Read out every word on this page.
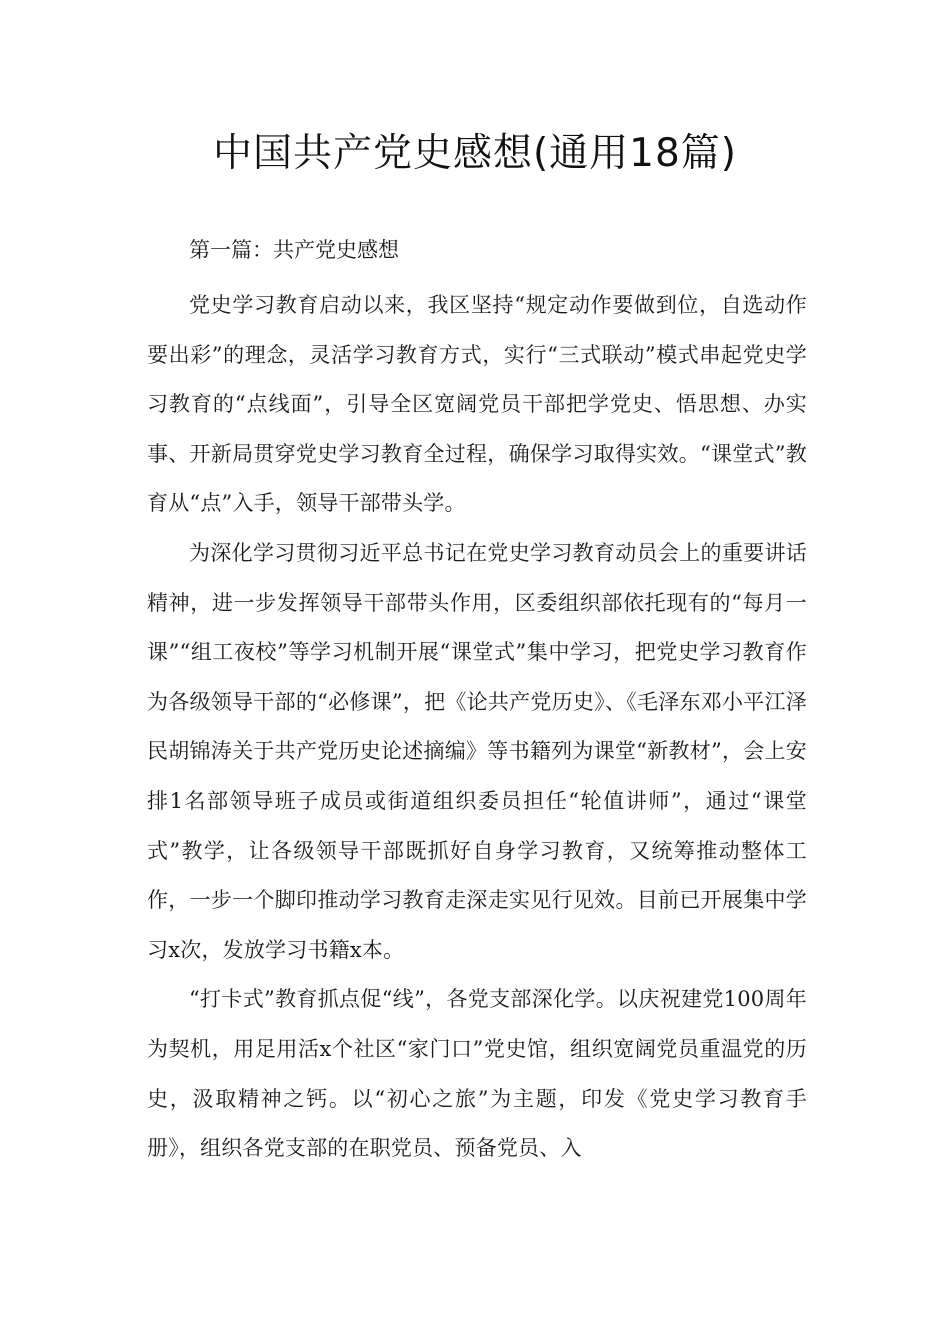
中国共产党史感想(通用18篇)
第一篇：共产党史感想

党史学习教育启动以来，我区坚持“规定动作要做到位，自选动作要出彩”的理念，灵活学习教育方式，实行“三式联动”模式串起党史学习教育的“点线面”，引导全区宽阔党员干部把学党史、悟思想、办实事、开新局贯穿党史学习教育全过程，确保学习取得实效。“课堂式”教育从“点”入手，领导干部带头学。

为深化学习贯彻习近平总书记在党史学习教育动员会上的重要讲话精神，进一步发挥领导干部带头作用，区委组织部依托现有的“每月一课”“组工夜校”等学习机制开展“课堂式”集中学习，把党史学习教育作为各级领导干部的“必修课”，把《论共产党历史》、《毛泽东邓小平江泽民胡锦涛关于共产党历史论述摘编》等书籍列为课堂“新教材”，会上安排1名部领导班子成员或街道组织委员担任“轮值讲师”，通过“课堂式”教学，让各级领导干部既抓好自身学习教育，又统筹推动整体工作，一步一个脚印推动学习教育走深走实见行见效。目前已开展集中学习x次，发放学习书籍x本。

“打卡式”教育抓点促“线”，各党支部深化学。以庆祝建党100周年为契机，用足用活x个社区“家门口”党史馆，组织宽阔党员重温党的历史，汲取精神之钙。以“初心之旅”为主题，印发《党史学习教育手册》，组织各党支部的在职党员、预备党员、入
